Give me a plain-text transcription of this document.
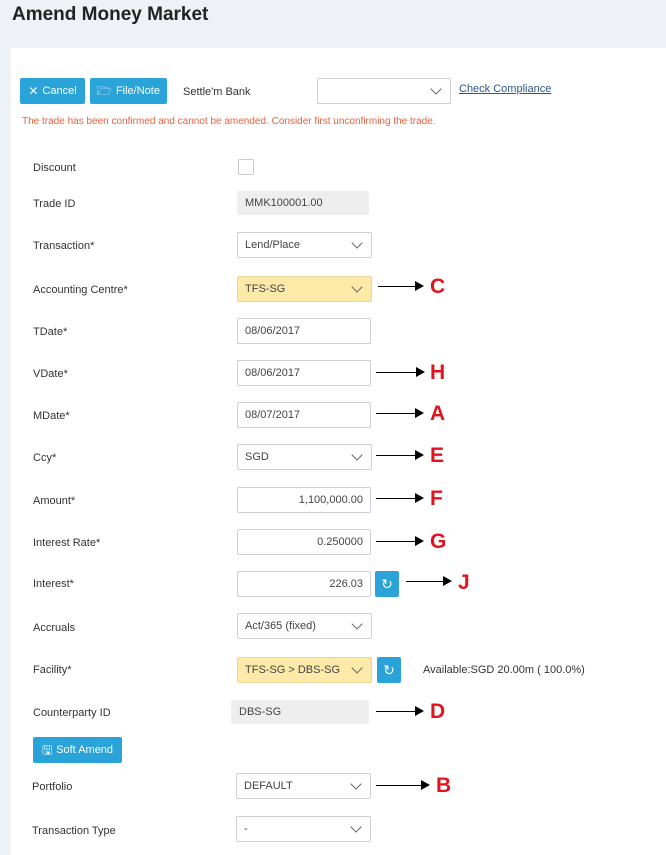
Amend Money Market
✕ Cancel 🗁 File/Note Settle'm Bank	Check Compliance
The trade has been confirmed and cannot be amended. Consider first unconfirming the trade.
Discount
Trade ID	MMK100001.00
Transaction*	Lend/Place
Accounting Centre*	TFS-SG	C
TDate*	08/06/2017
VDate*	08/06/2017	H
MDate*	08/07/2017	A
Ccy*	SGD	E
Amount*	1,100,000.00	F
Interest Rate*	0.250000	G
Interest*	226.03 ↻	J
Accruals	Act/365 (fixed)
Facility*	TFS-SG > DBS-SG	↻	Available:SGD 20.00m ( 100.0%)
Counterparty ID	DBS-SG	D
🖫 Soft Amend
Portfolio	DEFAULT	B
Transaction Type	-
